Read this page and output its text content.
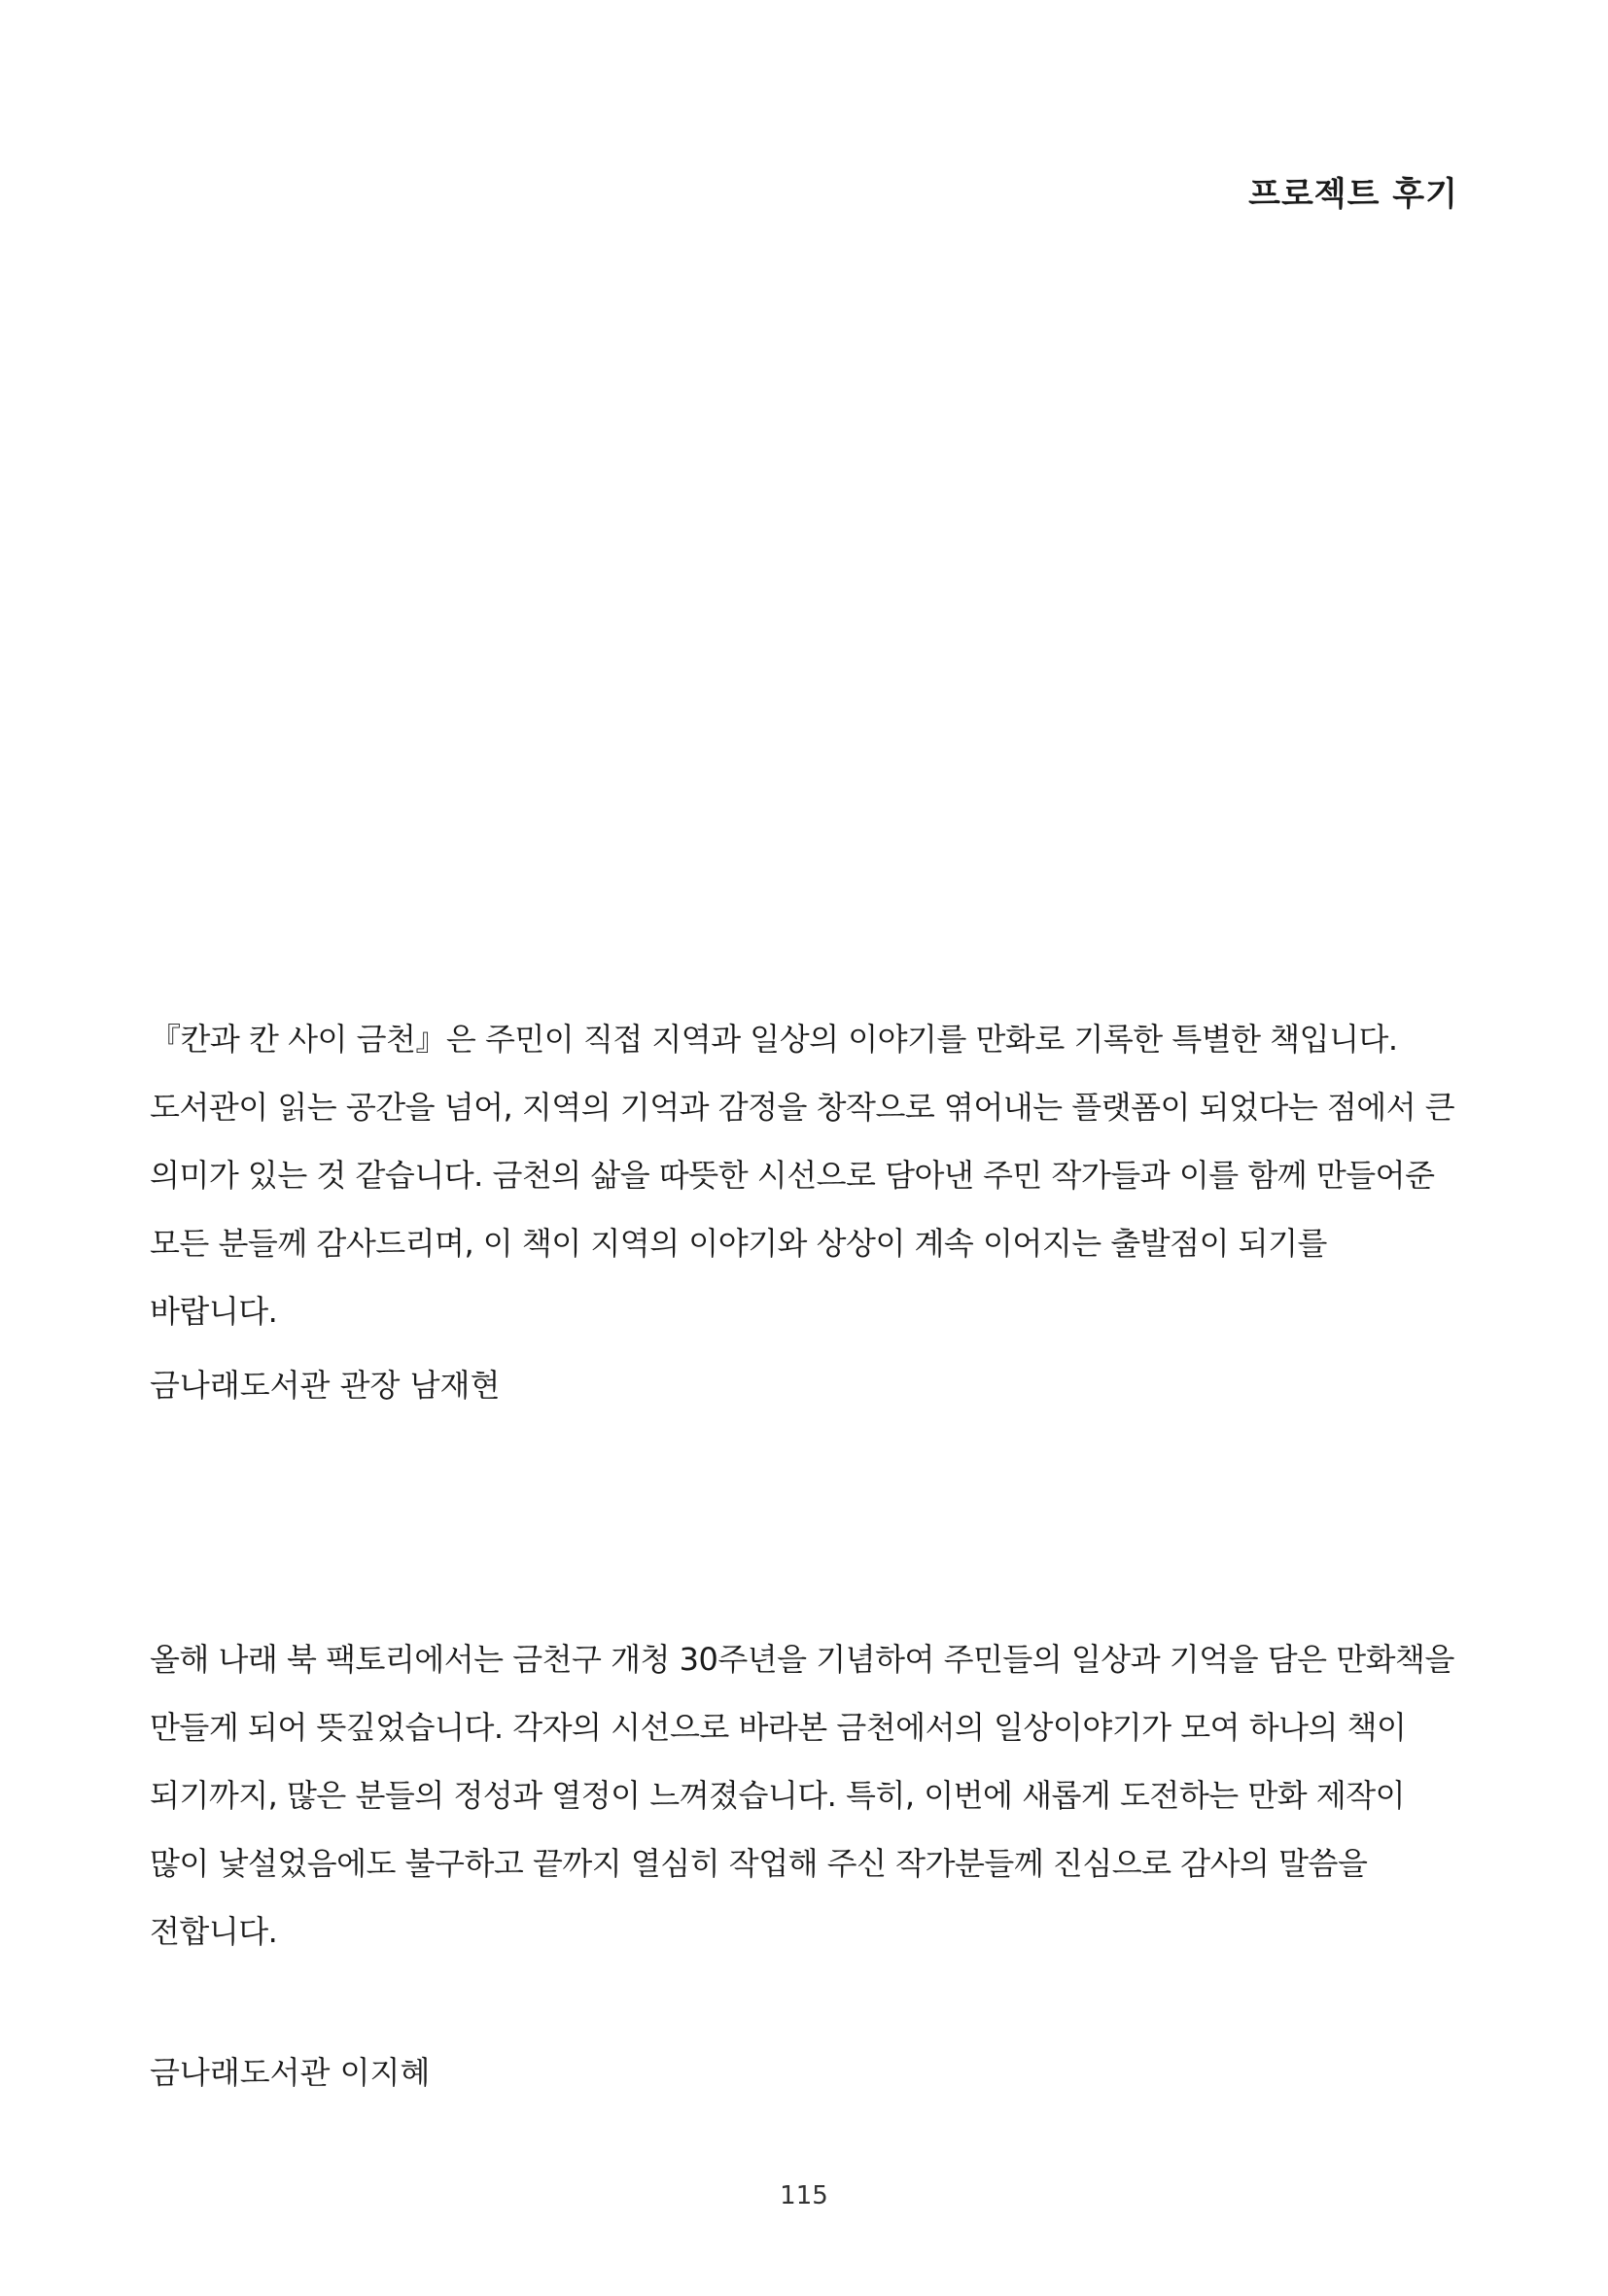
프로젝트 후기

『칸과 칸 사이 금천』은 주민이 직접 지역과 일상의 이야기를 만화로 기록한 특별한 책입니다. 도서관이 읽는 공간을 넘어, 지역의 기억과 감정을 창작으로 엮어내는 플랫폼이 되었다는 점에서 큰 의미가 있는 것 같습니다. 금천의 삶을 따뜻한 시선으로 담아낸 주민 작가들과 이를 함께 만들어준 모든 분들께 감사드리며, 이 책이 지역의 이야기와 상상이 계속 이어지는 출발점이 되기를 바랍니다.

금나래도서관 관장 남재현

올해 나래 북 팩토리에서는 금천구 개청 30주년을 기념하여 주민들의 일상과 기억을 담은 만화책을 만들게 되어 뜻깊었습니다. 각자의 시선으로 바라본 금천에서의 일상이야기가 모여 하나의 책이 되기까지, 많은 분들의 정성과 열정이 느껴졌습니다. 특히, 이번에 새롭게 도전하는 만화 제작이 많이 낯설었음에도 불구하고 끝까지 열심히 작업해 주신 작가분들께 진심으로 감사의 말씀을 전합니다.

금나래도서관 이지혜

115
